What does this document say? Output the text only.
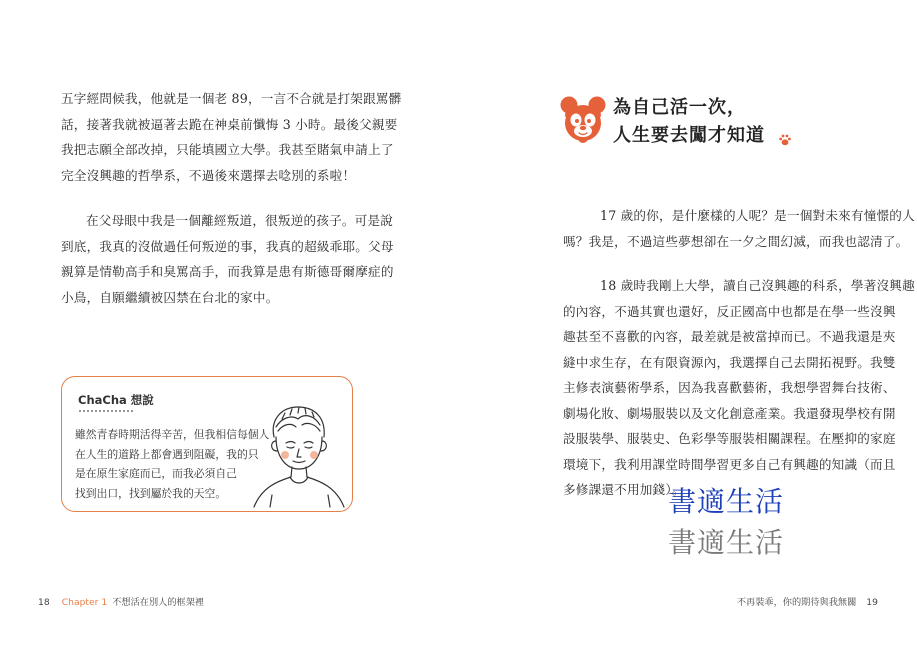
五字經問候我，他就是一個老 89，一言不合就是打架跟罵髒
話，接著我就被逼著去跪在神桌前懺悔 3 小時。最後父親要
我把志願全部改掉，只能填國立大學。我甚至賭氣申請上了
完全沒興趣的哲學系，不過後來選擇去唸別的系啦！

在父母眼中我是一個離經叛道，很叛逆的孩子。可是說
到底，我真的沒做過任何叛逆的事，我真的超級乖耶。父母
親算是情勒高手和臭罵高手，而我算是患有斯德哥爾摩症的
小鳥，自願繼續被囚禁在台北的家中。

ChaCha 想說

雖然青春時期活得辛苦，但我相信每個人
在人生的道路上都會遇到阻礙，我的只
是在原生家庭而已，而我必須自己
找到出口，找到屬於我的天空。

18 Chapter 1 不想活在別人的框架裡
為自己活一次，
人生要去闖才知道

17 歲的你，是什麼樣的人呢？是一個對未來有憧憬的人
嗎？我是，不過這些夢想卻在一夕之間幻滅，而我也認清了。

18 歲時我剛上大學，讀自己沒興趣的科系，學著沒興趣
的內容，不過其實也還好，反正國高中也都是在學一些沒興
趣甚至不喜歡的內容，最差就是被當掉而已。不過我還是夾
縫中求生存，在有限資源內，我選擇自己去開拓視野。我雙
主修表演藝術學系，因為我喜歡藝術，我想學習舞台技術、
劇場化妝、劇場服裝以及文化創意產業。我還發現學校有開
設服裝學、服裝史、色彩學等服裝相關課程。在壓抑的家庭
環境下，我利用課堂時間學習更多自己有興趣的知識（而且
多修課還不用加錢）。

書適生活
書適生活
不再裝乖，你的期待與我無關 19
